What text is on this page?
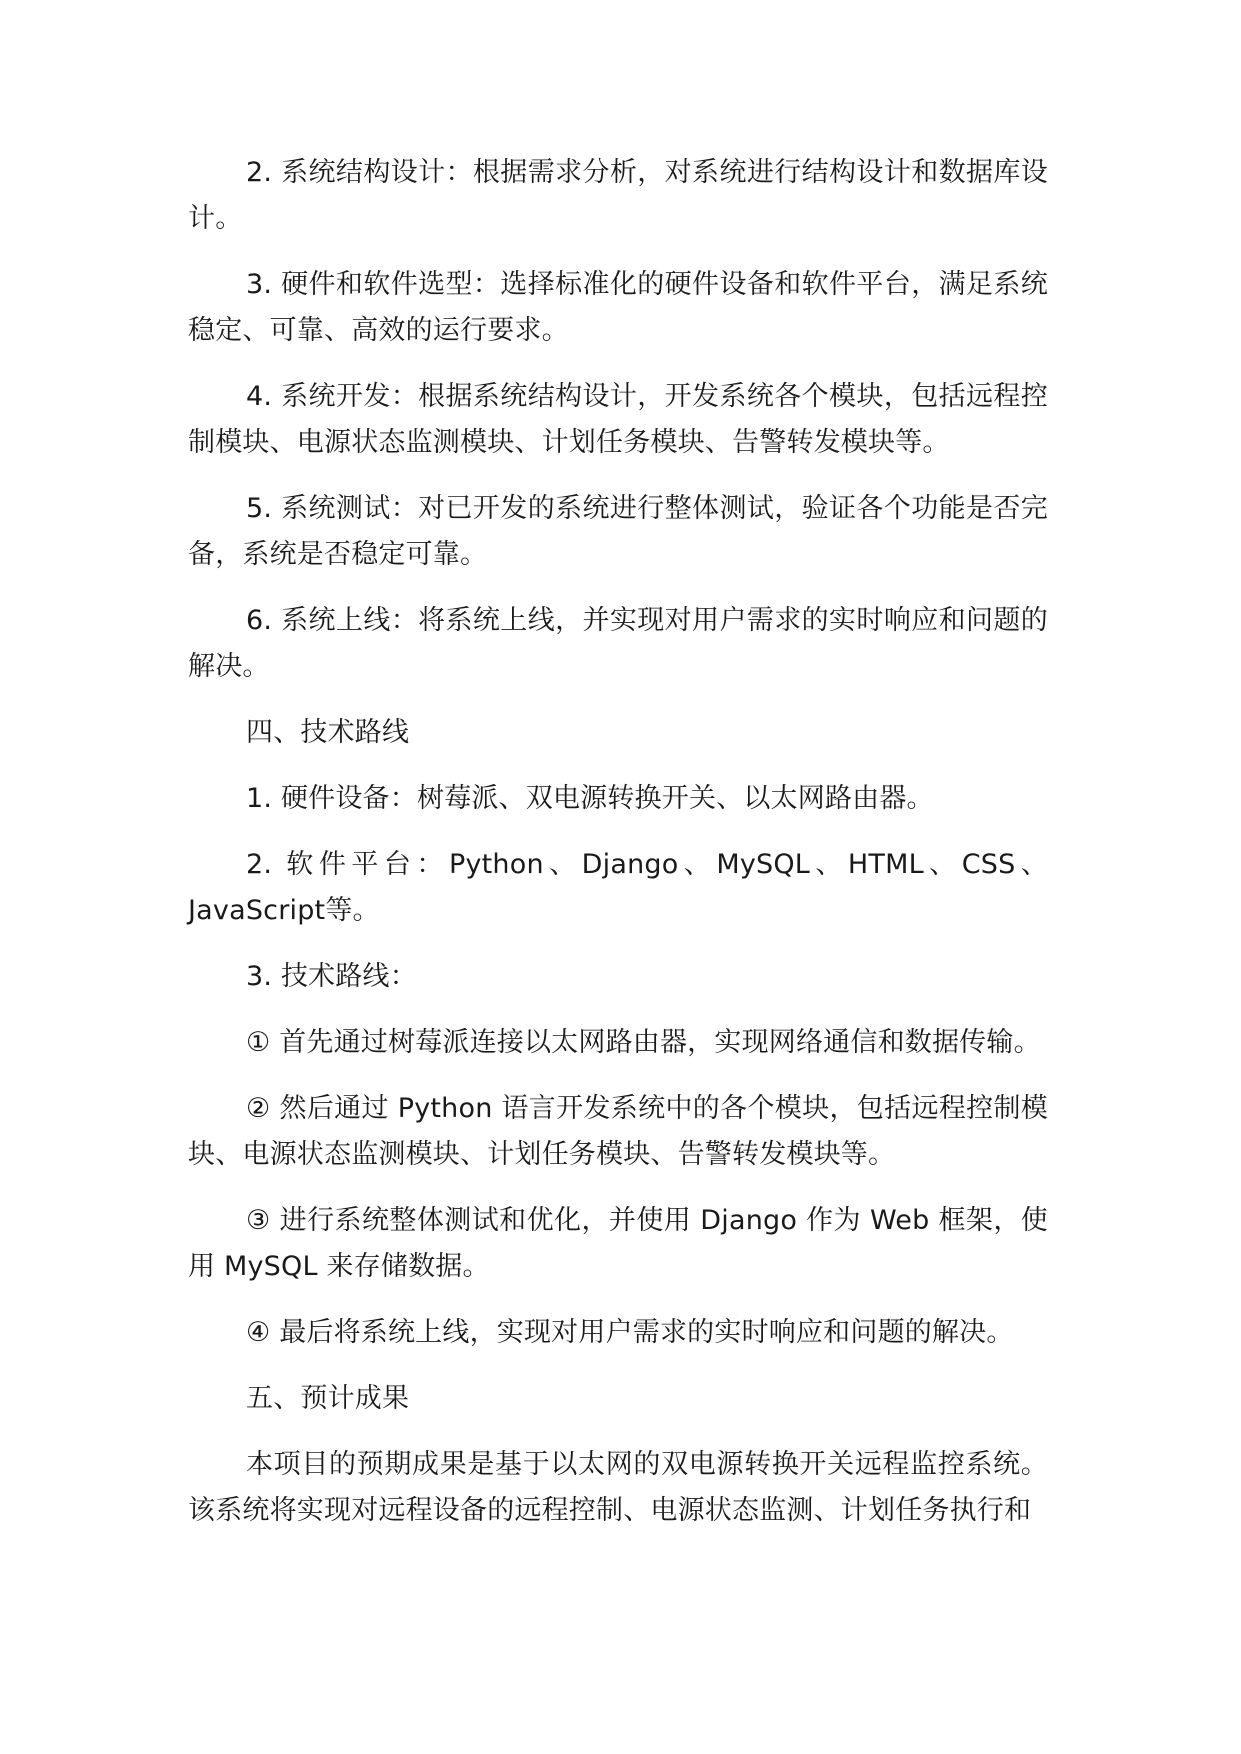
2. 系统结构设计：根据需求分析，对系统进行结构设计和数据库设计。

3. 硬件和软件选型：选择标准化的硬件设备和软件平台，满足系统稳定、可靠、高效的运行要求。

4. 系统开发：根据系统结构设计，开发系统各个模块，包括远程控制模块、电源状态监测模块、计划任务模块、告警转发模块等。

5. 系统测试：对已开发的系统进行整体测试，验证各个功能是否完备，系统是否稳定可靠。

6. 系统上线：将系统上线，并实现对用户需求的实时响应和问题的解决。

四、技术路线

1. 硬件设备：树莓派、双电源转换开关、以太网路由器。

2. 软件平台：Python、Django、MySQL、HTML、CSS、JavaScript等。

3. 技术路线：

① 首先通过树莓派连接以太网路由器，实现网络通信和数据传输。

② 然后通过 Python 语言开发系统中的各个模块，包括远程控制模块、电源状态监测模块、计划任务模块、告警转发模块等。

③ 进行系统整体测试和优化，并使用 Django 作为 Web 框架，使用 MySQL 来存储数据。

④ 最后将系统上线，实现对用户需求的实时响应和问题的解决。

五、预计成果

本项目的预期成果是基于以太网的双电源转换开关远程监控系统。该系统将实现对远程设备的远程控制、电源状态监测、计划任务执行和
